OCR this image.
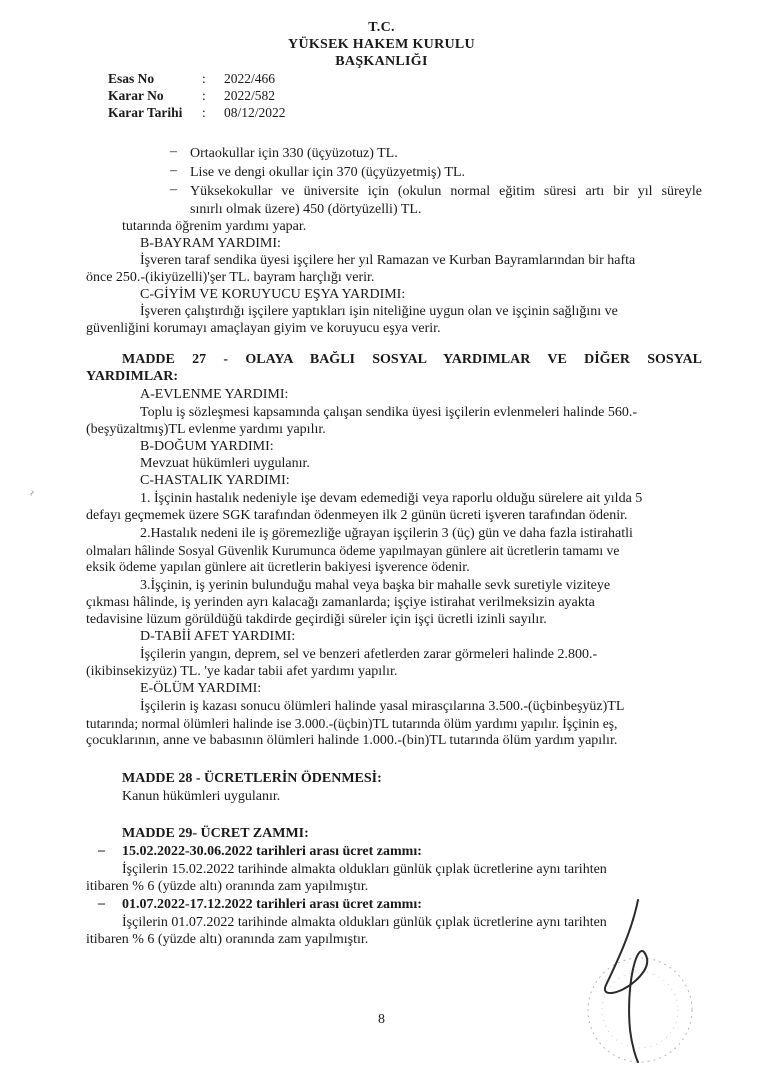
T.C.
YÜKSEK HAKEM KURULU
BAŞKANLIĞI
Esas No	: 2022/466
Karar No	: 2022/582
Karar Tarihi : 08/12/2022
–
–
–
Ortaokullar için 330 (üçyüzotuz) TL.
Lise ve dengi okullar için 370 (üçyüzyetmiş) TL.
Yüksekokullar ve üniversite için (okulun normal eğitim süresi artı bir yıl süreyle
sınırlı olmak üzere) 450 (dörtyüzelli) TL.
tutarında öğrenim yardımı yapar.
B-BAYRAM YARDIMI:
İşveren taraf sendika üyesi işçilere her yıl Ramazan ve Kurban Bayramlarından bir hafta
önce 250.-(ikiyüzelli)'şer TL. bayram harçlığı verir.
C-GİYİM VE KORUYUCU EŞYA YARDIMI:
İşveren çalıştırdığı işçilere yaptıkları işin niteliğine uygun olan ve işçinin sağlığını ve
güvenliğini korumayı amaçlayan giyim ve koruyucu eşya verir.
MADDE 27 - OLAYA BAĞLI SOSYAL YARDIMLAR VE DİĞER SOSYAL
YARDIMLAR:
A-EVLENME YARDIMI:
Toplu iş sözleşmesi kapsamında çalışan sendika üyesi işçilerin evlenmeleri halinde 560.-
(beşyüzaltmış)TL evlenme yardımı yapılır.
B-DOĞUM YARDIMI:
Mevzuat hükümleri uygulanır.
C-HASTALIK YARDIMI:
1. İşçinin hastalık nedeniyle işe devam edemediği veya raporlu olduğu sürelere ait yılda 5
defayı geçmemek üzere SGK tarafından ödenmeyen ilk 2 günün ücreti işveren tarafından ödenir.
2.Hastalık nedeni ile iş göremezliğe uğrayan işçilerin 3 (üç) gün ve daha fazla istirahatli
olmaları hâlinde Sosyal Güvenlik Kurumunca ödeme yapılmayan günlere ait ücretlerin tamamı ve
eksik ödeme yapılan günlere ait ücretlerin bakiyesi işverence ödenir.
3.İşçinin, iş yerinin bulunduğu mahal veya başka bir mahalle sevk suretiyle viziteye
çıkması hâlinde, iş yerinden ayrı kalacağı zamanlarda; işçiye istirahat verilmeksizin ayakta
tedavisine lüzum görüldüğü takdirde geçirdiği süreler için işçi ücretli izinli sayılır.
D-TABİİ AFET YARDIMI:
İşçilerin yangın, deprem, sel ve benzeri afetlerden zarar görmeleri halinde 2.800.-
(ikibinsekizyüz) TL. 'ye kadar tabii afet yardımı yapılır.
E-ÖLÜM YARDIMI:
İşçilerin iş kazası sonucu ölümleri halinde yasal mirasçılarına 3.500.-(üçbinbeşyüz)TL
tutarında; normal ölümleri halinde ise 3.000.-(üçbin)TL tutarında ölüm yardımı yapılır. İşçinin eş,
çocuklarının, anne ve babasının ölümleri halinde 1.000.-(bin)TL tutarında ölüm yardım yapılır.
MADDE 28 - ÜCRETLERİN ÖDENMESİ:
Kanun hükümleri uygulanır.
MADDE 29- ÜCRET ZAMMI:
– 15.02.2022-30.06.2022 tarihleri arası ücret zammı:
İşçilerin 15.02.2022 tarihinde almakta oldukları günlük çıplak ücretlerine aynı tarihten
itibaren % 6 (yüzde altı) oranında zam yapılmıştır.
– 01.07.2022-17.12.2022 tarihleri arası ücret zammı:
İşçilerin 01.07.2022 tarihinde almakta oldukları günlük çıplak ücretlerine aynı tarihten
itibaren % 6 (yüzde altı) oranında zam yapılmıştır.
8
~
